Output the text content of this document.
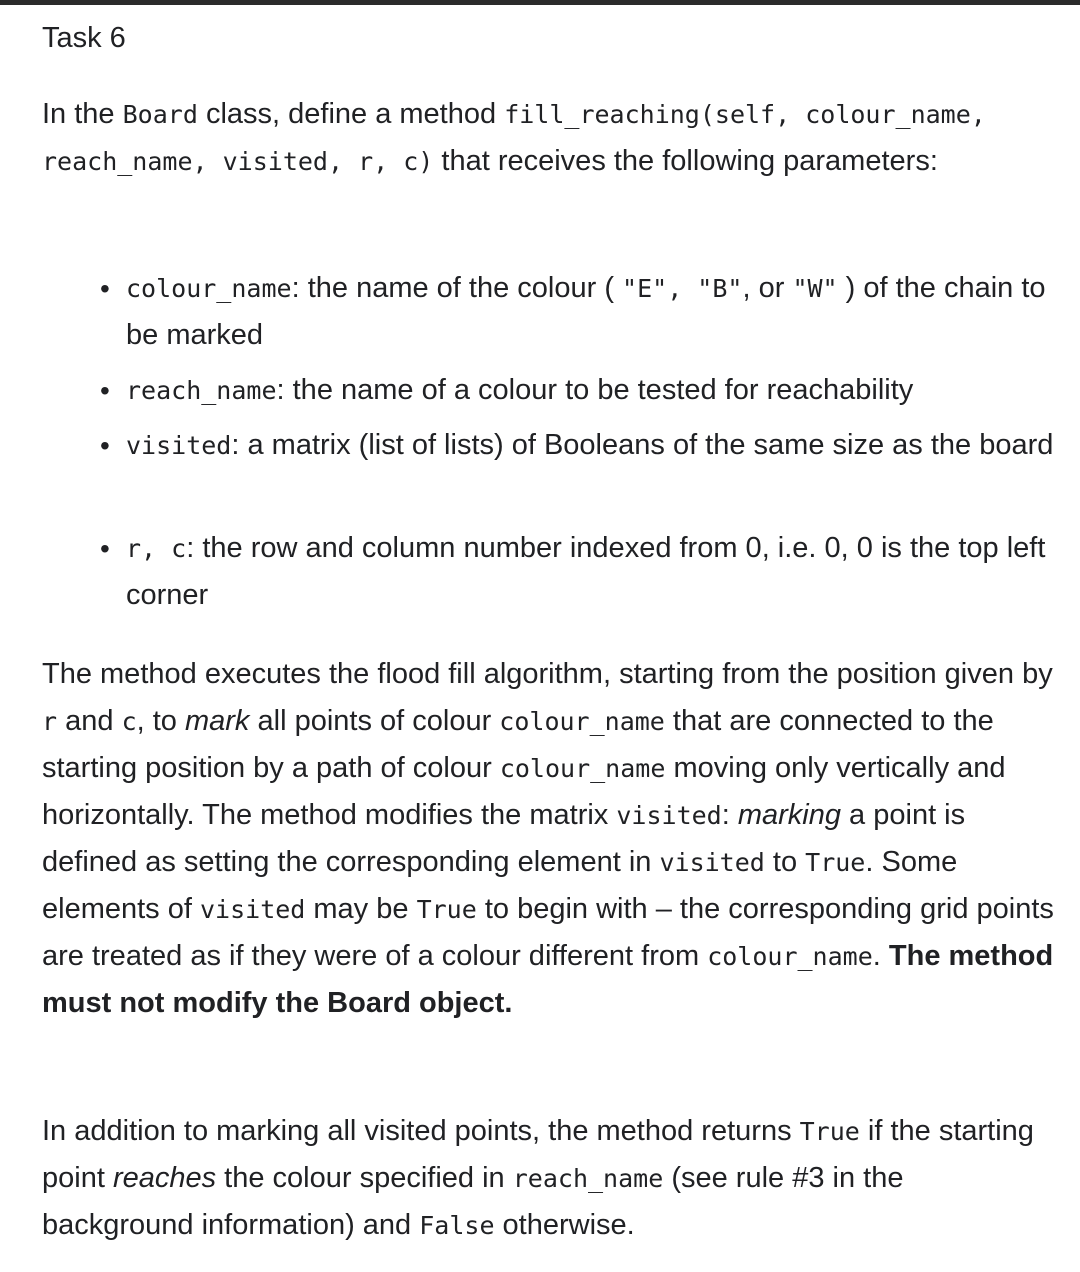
Task 6

In the Board class, define a method fill_reaching(self, colour_name, reach_name, visited, r, c) that receives the following parameters:

• colour_name: the name of the colour ( "E", "B", or "W" ) of the chain to be marked
• reach_name: the name of a colour to be tested for reachability
• visited: a matrix (list of lists) of Booleans of the same size as the board
• r, c: the row and column number indexed from 0, i.e. 0, 0 is the top left corner

The method executes the flood fill algorithm, starting from the position given by r and c, to mark all points of colour colour_name that are connected to the starting position by a path of colour colour_name moving only vertically and horizontally. The method modifies the matrix visited: marking a point is defined as setting the corresponding element in visited to True. Some elements of visited may be True to begin with – the corresponding grid points are treated as if they were of a colour different from colour_name. The method must not modify the Board object.

In addition to marking all visited points, the method returns True if the starting point reaches the colour specified in reach_name (see rule #3 in the background information) and False otherwise.
